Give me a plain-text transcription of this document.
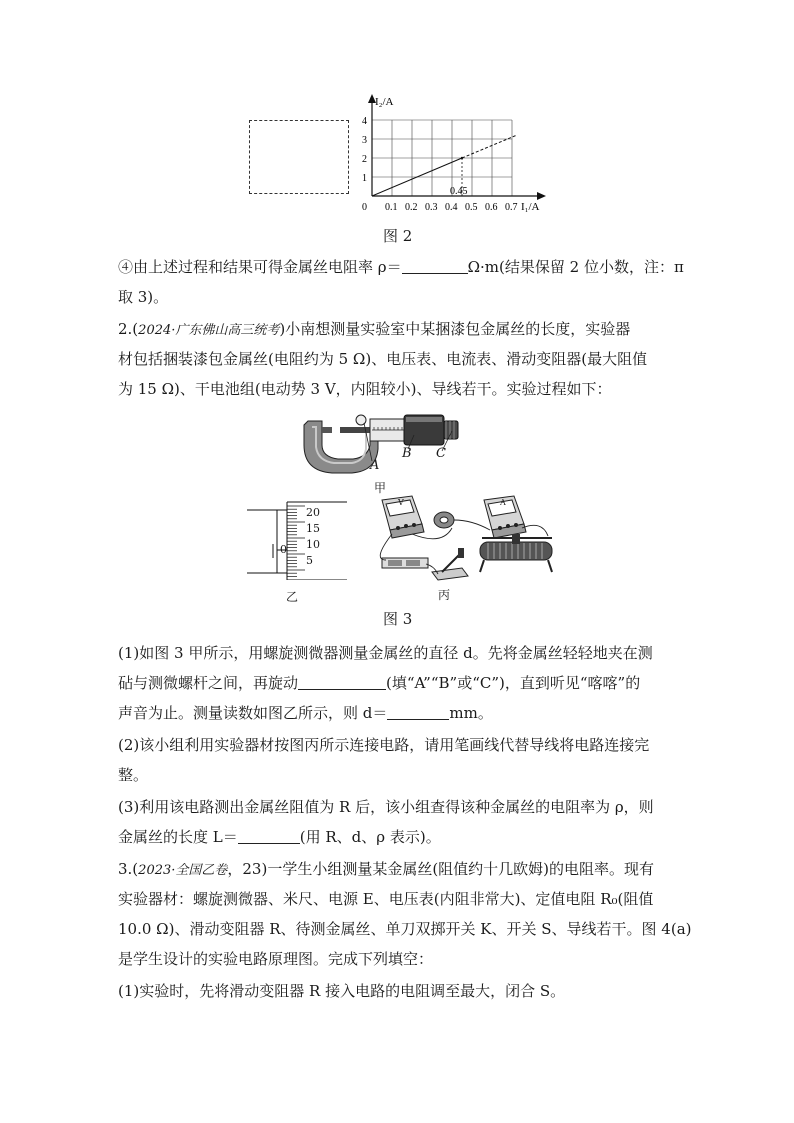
0 0.1 0.2 0.3 0.4 0.5 0.6 0.7
1
2
3
4
I₂/A
I₁/A
0.45
图 2
④由上述过程和结果可得金属丝电阻率 ρ＝	Ω·m(结果保留 2 位小数，注：π
取 3)。
2.(2024·广东佛山高三统考)小南想测量实验室中某捆漆包金属丝的长度，实验器
材包括捆装漆包金属丝(电阻约为 5 Ω)、电压表、电流表、滑动变阻器(最大阻值
为 15 Ω)、干电池组(电动势 3 V，内阻较小)、导线若干。实验过程如下：
A
B C
甲
20
15
10
5
0
乙
V	A
丙
图 3
(1)如图 3 甲所示，用螺旋测微器测量金属丝的直径 d。先将金属丝轻轻地夹在测
砧与测微螺杆之间，再旋动	(填“A”“B”或“C”)，直到听见“喀喀”的
声音为止。测量读数如图乙所示，则 d＝	mm。
(2)该小组利用实验器材按图丙所示连接电路，请用笔画线代替导线将电路连接完
整。
(3)利用该电路测出金属丝阻值为 R 后，该小组查得该种金属丝的电阻率为 ρ，则
金属丝的长度 L＝	(用 R、d、ρ 表示)。
3.(2023·全国乙卷，23)一学生小组测量某金属丝(阻值约十几欧姆)的电阻率。现有
实验器材：螺旋测微器、米尺、电源 E、电压表(内阻非常大)、定值电阻 R₀(阻值
10.0 Ω)、滑动变阻器 R、待测金属丝、单刀双掷开关 K、开关 S、导线若干。图 4(a)
是学生设计的实验电路原理图。完成下列填空：
(1)实验时，先将滑动变阻器 R 接入电路的电阻调至最大，闭合 S。
